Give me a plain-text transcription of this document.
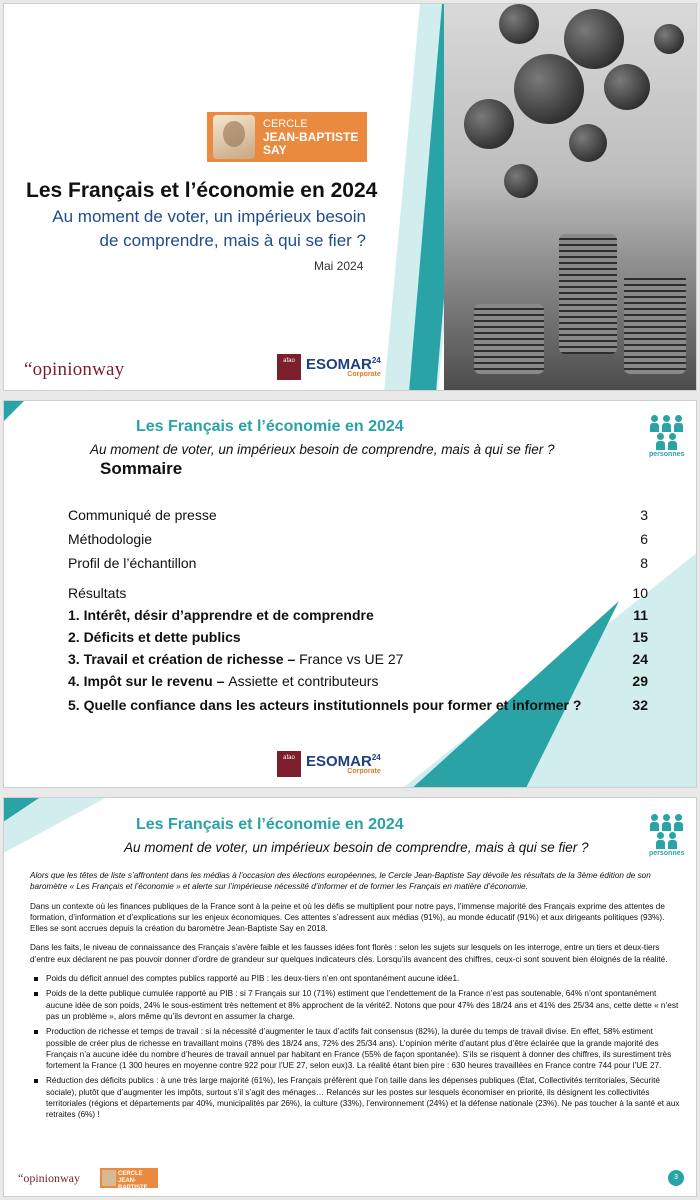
CERCLE
JEAN-BAPTISTE
SAY
Les Français et l’économie en 2024
Au moment de voter, un impérieux besoin
de comprendre, mais à qui se fier ?
Mai 2024
“opinionway	afao ESOMAR$^{24}$
Corporate
Les Français et l’économie en 2024
Au moment de voter, un impérieux besoin de comprendre, mais à qui se fier ?	personnes
Sommaire
Communiqué de presse	3
Méthodologie	6
Profil de l’échantillon	8
Résultats	10
1. Intérêt, désir d’apprendre et de comprendre	11
2. Déficits et dette publics	15
3. Travail et création de richesse – France vs UE 27	24
4. Impôt sur le revenu – Assiette et contributeurs	29
5. Quelle confiance dans les acteurs institutionnels pour former et informer ?	32
afao ESOMAR$^{24}$
Corporate
Les Français et l’économie en 2024
Au moment de voter, un impérieux besoin de comprendre, mais à qui se fier ?	personnes

Alors que les têtes de liste s’affrontent dans les médias à l’occasion des élections européennes, le Cercle Jean-Baptiste Say dévoile les résultats de la 3ème édition de son baromètre « Les Français et l’économie » et alerte sur l’impérieuse nécessité d’informer et de former les Français en matière d’économie.

Dans un contexte où les finances publiques de la France sont à la peine et où les défis se multiplient pour notre pays, l’immense majorité des Français exprime des attentes de formation, d’information et d’explications sur les enjeux économiques. Ces attentes s’adressent aux médias (91%), au monde éducatif (91%) et aux dirigeants politiques (93%). Elles se sont accrues depuis la création du baromètre Jean-Baptiste Say en 2018.

Dans les faits, le niveau de connaissance des Français s’avère faible et les fausses idées font florès : selon les sujets sur lesquels on les interroge, entre un tiers et deux-tiers d’entre eux déclarent ne pas pouvoir donner d’ordre de grandeur sur quelques indicateurs clés. Lorsqu’ils avancent des chiffres, ceux-ci sont souvent bien éloignés de la réalité.

Poids du déficit annuel des comptes publics rapporté au PIB : les deux-tiers n’en ont spontanément aucune idée1.
Poids de la dette publique cumulée rapporté au PIB : si 7 Français sur 10 (71%) estiment que l’endettement de la France n’est pas soutenable, 64% n’ont spontanément aucune idée de son poids, 24% le sous-estiment très nettement et 8% approchent de la vérité2. Notons que pour 47% des 18/24 ans et 41% des 25/34 ans, cette dette « n’est pas un problème », alors même qu’ils devront en assumer la charge.
Production de richesse et temps de travail : si la nécessité d’augmenter le taux d’actifs fait consensus (82%), la durée du temps de travail divise. En effet, 58% estiment possible de créer plus de richesse en travaillant moins (78% des 18/24 ans, 72% des 25/34 ans). L’opinion mérite d’autant plus d’être éclairée que la grande majorité des Français n’a aucune idée du nombre d’heures de travail annuel par habitant en France (55% de façon spontanée). S’ils se risquent à donner des chiffres, ils surestiment très fortement la France (1 300 heures en moyenne contre 922 pour l’UE 27, selon eux)3. La réalité étant bien pire : 630 heures travaillées en France contre 744 pour l’UE 27.
Réduction des déficits publics : à une très large majorité (61%), les Français préfèrent que l’on taille dans les dépenses publiques (État, Collectivités territoriales, Sécurité sociale), plutôt que d’augmenter les impôts, surtout s’il s’agit des ménages… Relancés sur les postes sur lesquels économiser en priorité, ils désignent les collectivités territoriales (régions et départements par 40%, municipalités par 26%), la culture (33%), l’environnement (24%) et la défense nationale (23%). Ne pas toucher à la santé et aux retraites (6%) !
“opinionway	CERCLE JEAN-BAPTISTE SAY
3
